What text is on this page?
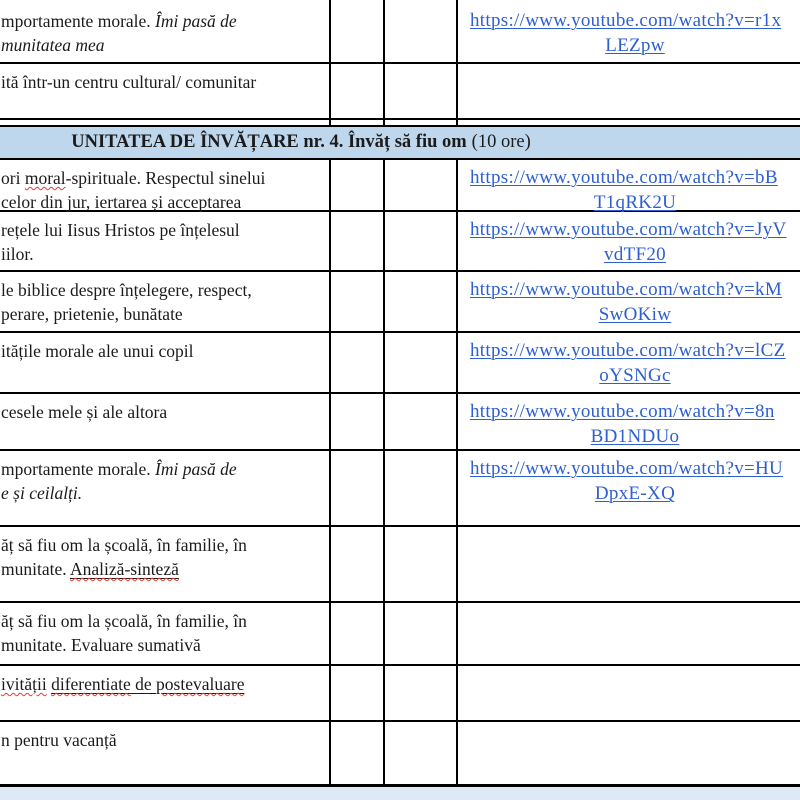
mportamente morale. Îmi pasă de
munitatea mea
https://www.youtube.com/watch?v=r1x
LEZpw
ită într-un centru cultural/ comunitar
UNITATEA DE ÎNVĂȚARE nr. 4. Învăț să fiu om (10 ore)
ori moral-spirituale. Respectul sinelui
celor din jur, iertarea și acceptarea
https://www.youtube.com/watch?v=bB
T1qRK2U
rețele lui Iisus Hristos pe înțelesul
iilor.
https://www.youtube.com/watch?v=JyV
vdTF20
le biblice despre înțelegere, respect,
perare, prietenie, bunătate
https://www.youtube.com/watch?v=kM
SwOKiw
itățile morale ale unui copil	https://www.youtube.com/watch?v=lCZ
oYSNGc
cesele mele și ale altora	https://www.youtube.com/watch?v=8n
BD1NDUo
mportamente morale. Îmi pasă de
e și ceilalți.
https://www.youtube.com/watch?v=HU
DpxE-XQ
ăț să fiu om la școală, în familie, în
munitate. Analiză-sinteză
ăț să fiu om la școală, în familie, în
munitate. Evaluare sumativă
ivității diferentiate de postevaluare
n pentru vacanță
